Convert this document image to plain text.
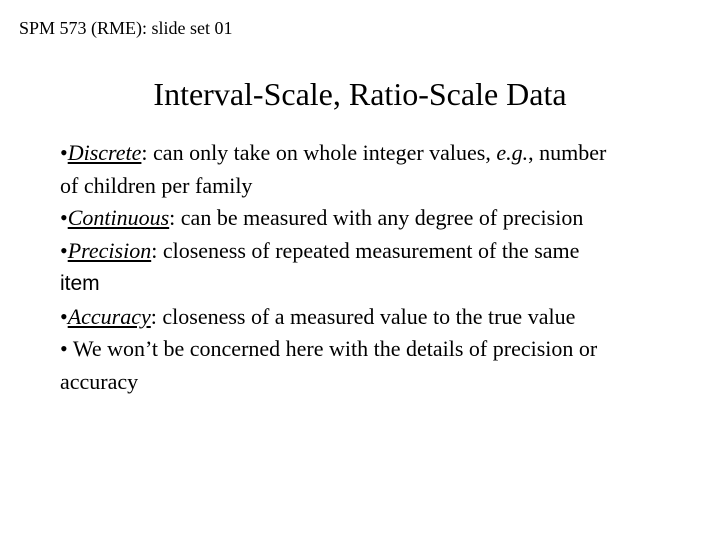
SPM 573 (RME): slide set 01
Interval-Scale, Ratio-Scale Data
•Discrete: can only take on whole integer values, e.g., number
of children per family
•Continuous: can be measured with any degree of precision
•Precision: closeness of repeated measurement of the same
item
•Accuracy: closeness of a measured value to the true value
• We won’t be concerned here with the details of precision or
accuracy
